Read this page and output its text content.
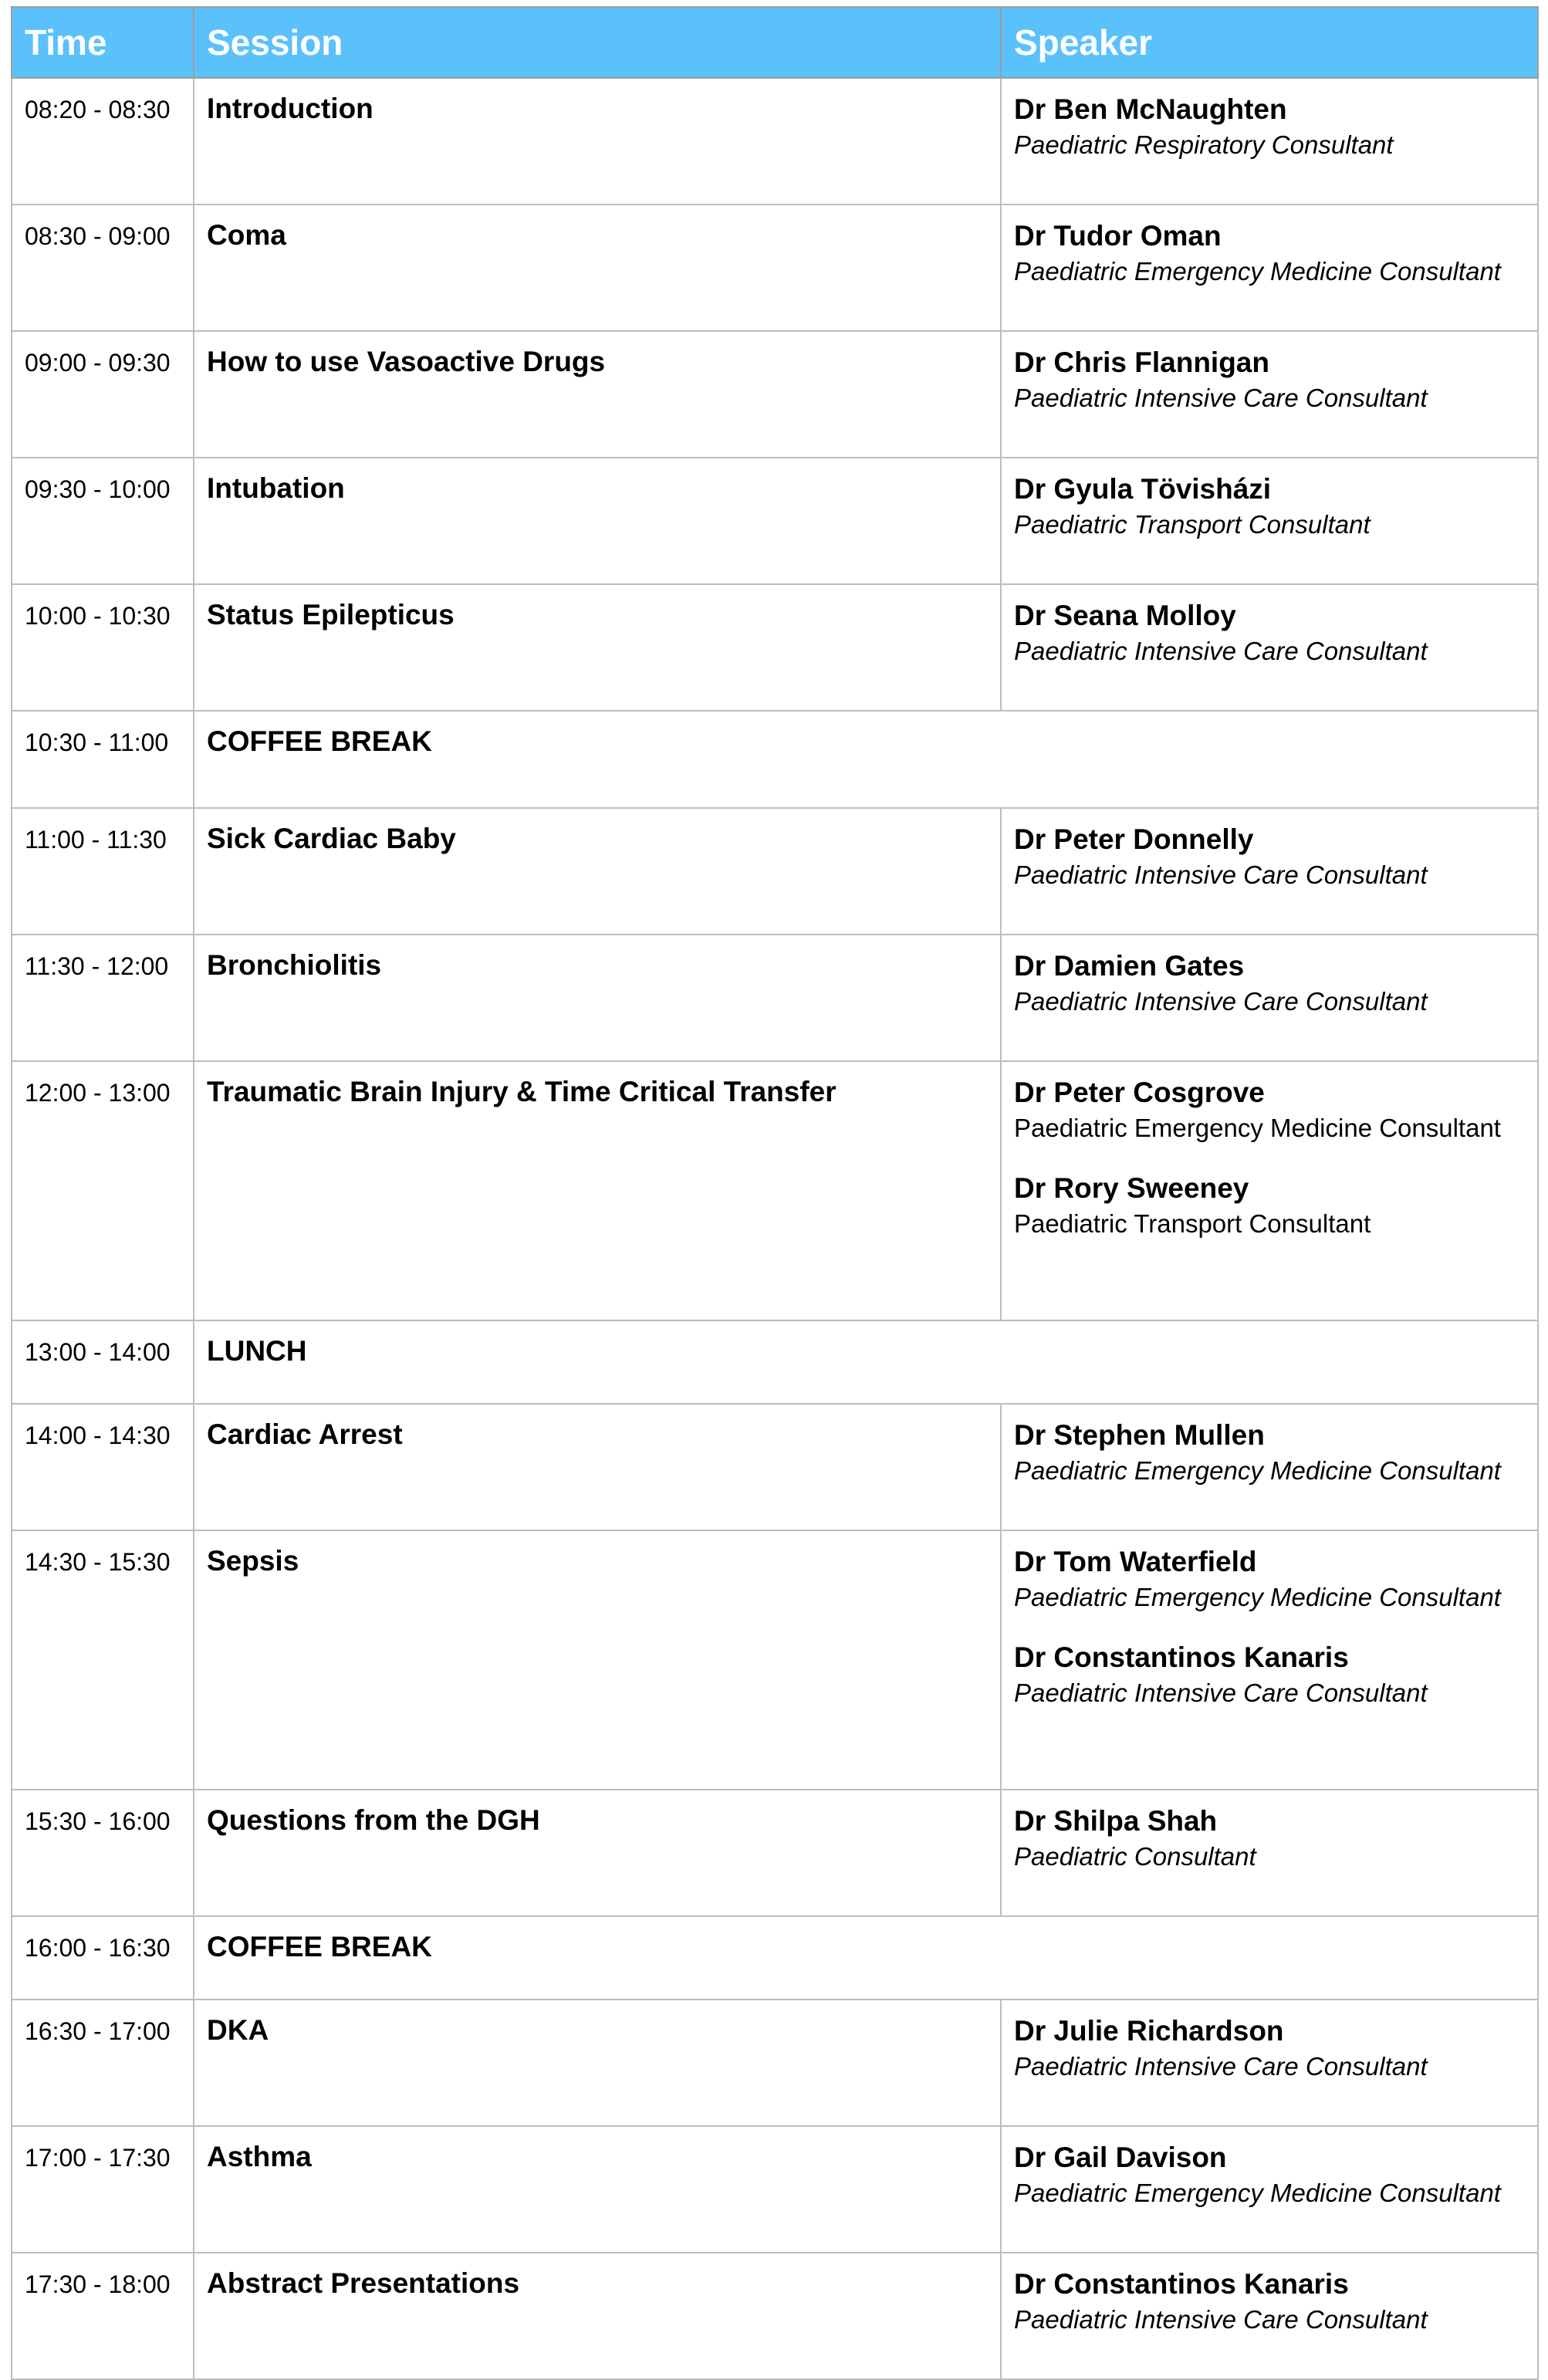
Time	Session	Speaker
08:20 - 08:30	Introduction	Dr Ben McNaughten
Paediatric Respiratory Consultant

08:30 - 09:00	Coma	Dr Tudor Oman
Paediatric Emergency Medicine Consultant

09:00 - 09:30	How to use Vasoactive Drugs	Dr Chris Flannigan
Paediatric Intensive Care Consultant

09:30 - 10:00	Intubation	Dr Gyula Tövisházi
Paediatric Transport Consultant

10:00 - 10:30	Status Epilepticus	Dr Seana Molloy
Paediatric Intensive Care Consultant

10:30 - 11:00	COFFEE BREAK	
11:00 - 11:30	Sick Cardiac Baby	Dr Peter Donnelly
Paediatric Intensive Care Consultant

11:30 - 12:00	Bronchiolitis	Dr Damien Gates
Paediatric Intensive Care Consultant

12:00 - 13:00	Traumatic Brain Injury & Time Critical Transfer	Dr Peter Cosgrove
Paediatric Emergency Medicine Consultant
Dr Rory Sweeney
Paediatric Transport Consultant

13:00 - 14:00	LUNCH	
14:00 - 14:30	Cardiac Arrest	Dr Stephen Mullen
Paediatric Emergency Medicine Consultant

14:30 - 15:30	Sepsis	Dr Tom Waterfield
Paediatric Emergency Medicine Consultant
Dr Constantinos Kanaris
Paediatric Intensive Care Consultant

15:30 - 16:00	Questions from the DGH	Dr Shilpa Shah
Paediatric Consultant

16:00 - 16:30	COFFEE BREAK	
16:30 - 17:00	DKA	Dr Julie Richardson
Paediatric Intensive Care Consultant

17:00 - 17:30	Asthma	Dr Gail Davison
Paediatric Emergency Medicine Consultant

17:30 - 18:00	Abstract Presentations	Dr Constantinos Kanaris
Paediatric Intensive Care Consultant
